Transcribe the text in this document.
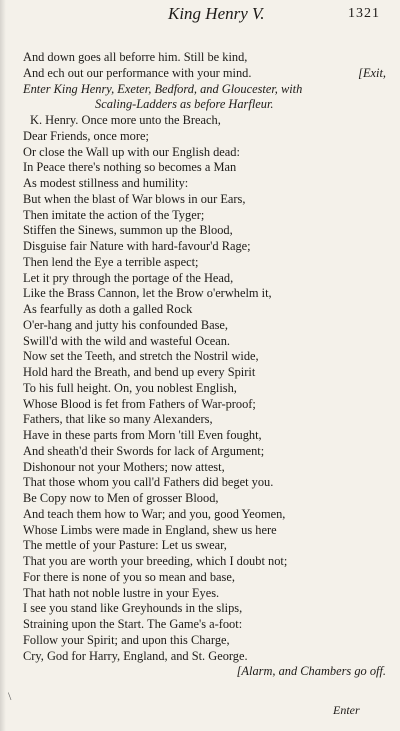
King Henry V.	1321
And down goes all beforre him. Still be kind,
And ech out our performance with your mind.	[Exit,
Enter King Henry, Exeter, Bedford, and Gloucester, with
Scaling-Ladders as before Harfleur.
K. Henry. Once more unto the Breach,
Dear Friends, once more;
Or close the Wall up with our English dead:
In Peace there's nothing so becomes a Man
As modest stillness and humility:
But when the blast of War blows in our Ears,
Then imitate the action of the Tyger;
Stiffen the Sinews, summon up the Blood,
Disguise fair Nature with hard-favour'd Rage;
Then lend the Eye a terrible aspect;
Let it pry through the portage of the Head,
Like the Brass Cannon, let the Brow o'erwhelm it,
As fearfully as doth a galled Rock
O'er-hang and jutty his confounded Base,
Swill'd with the wild and wasteful Ocean.
Now set the Teeth, and stretch the Nostril wide,
Hold hard the Breath, and bend up every Spirit
To his full height. On, you noblest English,
Whose Blood is fet from Fathers of War-proof;
Fathers, that like so many Alexanders,
Have in these parts from Morn 'till Even fought,
And sheath'd their Swords for lack of Argument;
Dishonour not your Mothers; now attest,
That those whom you call'd Fathers did beget you.
Be Copy now to Men of grosser Blood,
And teach them how to War; and you, good Yeomen,
Whose Limbs were made in England, shew us here
The mettle of your Pasture: Let us swear,
That you are worth your breeding, which I doubt not;
For there is none of you so mean and base,
That hath not noble lustre in your Eyes.
I see you stand like Greyhounds in the slips,
Straining upon the Start. The Game's a-foot:
Follow your Spirit; and upon this Charge,
Cry, God for Harry, England, and St. George.
[Alarm, and Chambers go off.
\
Enter
